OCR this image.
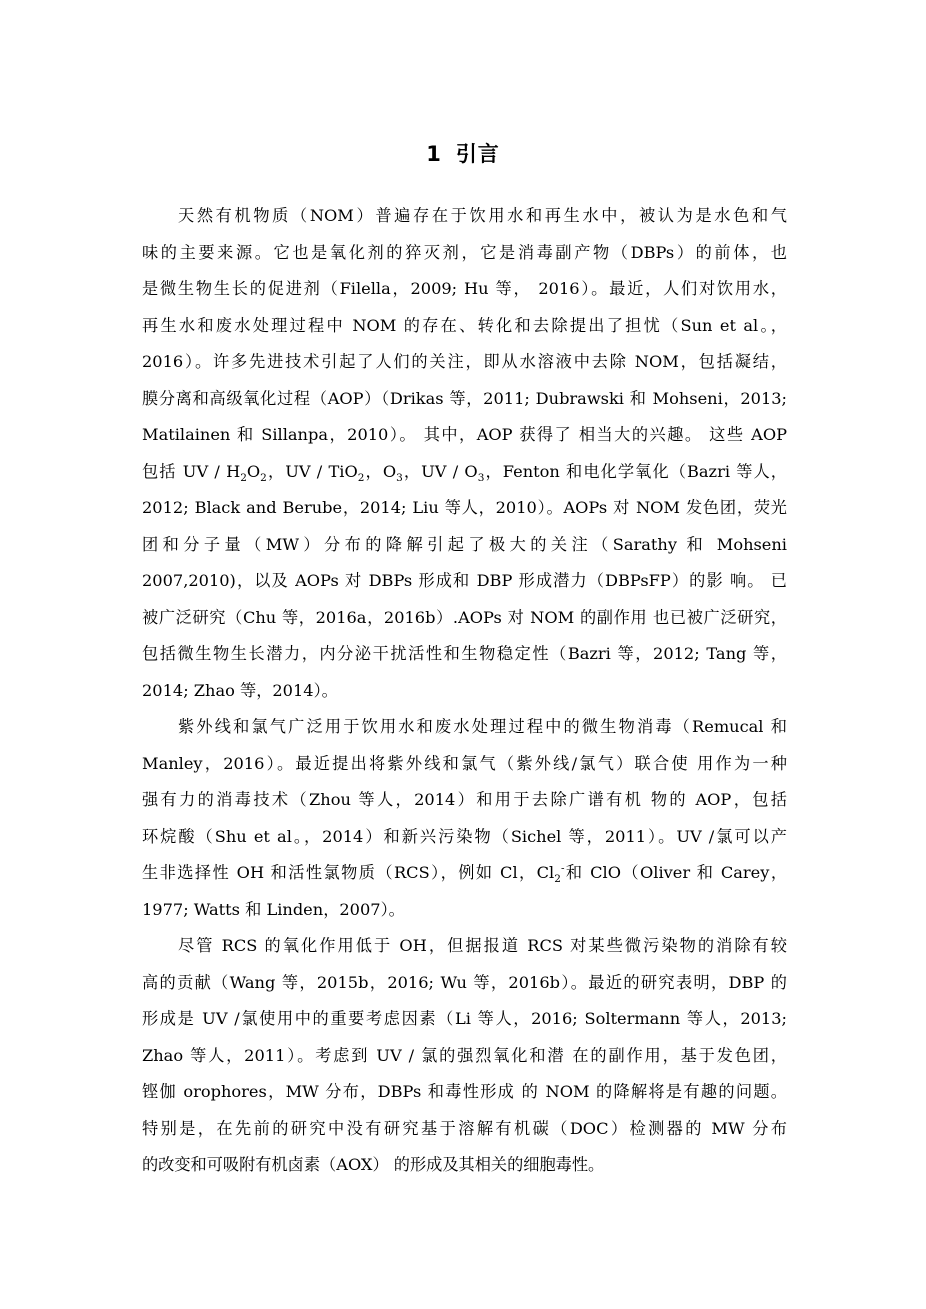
1 引言
天然有机物质（NOM）普遍存在于饮用水和再生水中，被认为是水色和气
味的主要来源。它也是氧化剂的猝灭剂，它是消毒副产物（DBPs）的前体，也
是微生物生长的促进剂（Filella，2009; Hu 等， 2016）。最近，人们对饮用水，
再生水和废水处理过程中 NOM 的存在、转化和去除提出了担忧（Sun et al。，
2016）。许多先进技术引起了人们的关注，即从水溶液中去除 NOM，包括凝结，
膜分离和高级氧化过程（AOP）（Drikas 等，2011; Dubrawski 和 Mohseni，2013;
Matilainen 和 Sillanpa，2010）。 其中，AOP 获得了 相当大的兴趣。 这些 AOP
包括 UV / $H_2O_2$，UV / TiO$_2$，$O_3$，UV / $O_3$，Fenton 和电化学氧化（Bazri 等人，
2012; Black and Berube，2014; Liu 等人，2010）。AOPs 对 NOM 发色团，荧光
团和分子量（MW）分布的降解引起了极大的关注（Sarathy 和 Mohseni
2007,2010)，以及 AOPs 对 DBPs 形成和 DBP 形成潜力（DBPsFP）的影 响。 已
被广泛研究（Chu 等，2016a，2016b）.AOPs 对 NOM 的副作用 也已被广泛研究，
包括微生物生长潜力，内分泌干扰活性和生物稳定性（Bazri 等，2012; Tang 等，
2014; Zhao 等，2014）。
紫外线和氯气广泛用于饮用水和废水处理过程中的微生物消毒（Remucal 和
Manley，2016）。最近提出将紫外线和氯气（紫外线/氯气）联合使 用作为一种
强有力的消毒技术（Zhou 等人，2014）和用于去除广谱有机 物的 AOP，包括
环烷酸（Shu et al。，2014）和新兴污染物（Sichel 等，2011）。UV /氯可以产
生非选择性 OH 和活性氯物质（RCS），例如 Cl，$Cl_2^-$和 ClO（Oliver 和 Carey，
1977; Watts 和 Linden，2007）。
尽管 RCS 的氧化作用低于 OH，但据报道 RCS 对某些微污染物的消除有较
高的贡献（Wang 等，2015b，2016; Wu 等，2016b）。最近的研究表明，DBP 的
形成是 UV /氯使用中的重要考虑因素（Li 等人，2016; Soltermann 等人，2013;
Zhao 等人，2011）。考虑到 UV / 氯的强烈氧化和潜 在的副作用，基于发色团，
铿伽 orophores，MW 分布，DBPs 和毒性形成 的 NOM 的降解将是有趣的问题。
特别是，在先前的研究中没有研究基于溶解有机碳（DOC）检测器的 MW 分布
的改变和可吸附有机卤素（AOX） 的形成及其相关的细胞毒性。
